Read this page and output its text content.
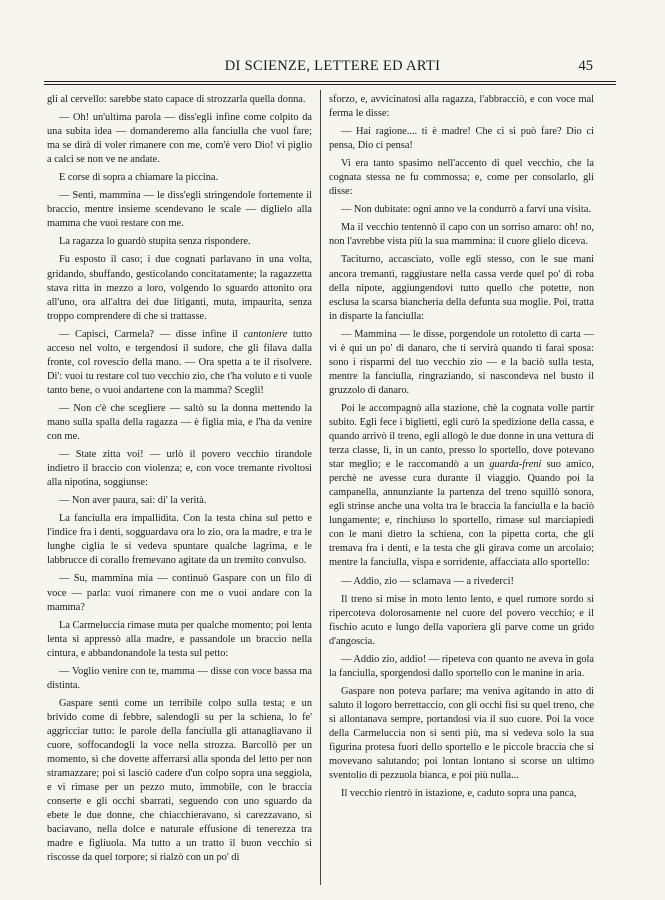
DI SCIENZE, LETTERE ED ARTI	45

gli al cervello: sarebbe stato capace di strozzarla quella donna.

— Oh! un'ultima parola — diss'egli infine come colpito da una subita idea — domanderemo alla fanciulla che vuol fare; ma se dirà di voler rimanere con me, com'è vero Dio! vi piglio a calci se non ve ne andate.

E corse di sopra a chiamare la piccina.

— Senti, mammina — le diss'egli stringendole fortemente il braccio, mentre insieme scendevano le scale — diglielo alla mamma che vuoi restare con me.

La ragazza lo guardò stupita senza rispondere.

Fu esposto il caso; i due cognati parlavano in una volta, gridando, sbuffando, gesticolando concitatamente; la ragazzetta stava ritta in mezzo a loro, volgendo lo sguardo attonito ora all'uno, ora all'altra dei due litiganti, muta, impaurita, senza troppo comprendere di che si trattasse.

— Capisci, Carmela? — disse infine il cantoniere tutto acceso nel volto, e tergendosi il sudore, che gli filava dalla fronte, col rovescio della mano. — Ora spetta a te il risolvere. Di': vuoi tu restare col tuo vecchio zio, che t'ha voluto e ti vuole tanto bene, o vuoi andartene con la mamma? Scegli!

— Non c'è che scegliere — saltò su la donna mettendo la mano sulla spalla della ragazza — è figlia mia, e l'ha da venire con me.

— State zitta voi! — urlò il povero vecchio tirandole indietro il braccio con violenza; e, con voce tremante rivoltosi alla nipotina, soggiunse:

— Non aver paura, sai: di' la verità.

La fanciulla era impallidita. Con la testa china sul petto e l'indice fra i denti, sogguardava ora lo zio, ora la madre, e tra le lunghe ciglia le si vedeva spuntare qualche lagrima, e le labbrucce di corallo fremevano agitate da un tremito convulso.

— Su, mammina mia — continuò Gaspare con un filo di voce — parla: vuoi rimanere con me o vuoi andare con la mamma?

La Carmeluccia rimase muta per qualche momento; poi lenta lenta si appressò alla madre, e passandole un braccio nella cintura, e abbandonandole la testa sul petto:

— Voglio venire con te, mamma — disse con voce bassa ma distinta.

Gaspare sentì come un terribile colpo sulla testa; e un brivido come di febbre, salendogli su per la schiena, lo fe' aggricciar tutto: le parole della fanciulla gli attanagliavano il cuore, soffocandogli la voce nella strozza. Barcollò per un momento, sì che dovette afferrarsi alla sponda del letto per non stramazzare; poi si lasciò cadere d'un colpo sopra una seggiola, e vi rimase per un pezzo muto, immobile, con le braccia conserte e gli occhi sbarrati, seguendo con uno sguardo da ebete le due donne, che chiacchieravano, si carezzavano, si baciavano, nella dolce e naturale effusione di tenerezza tra madre e figliuola. Ma tutto a un tratto il buon vecchio si riscosse da quel torpore; si rialzò con un po' di

sforzo, e, avvicinatosi alla ragazza, l'abbracciò, e con voce mal ferma le disse:

— Hai ragione.... ti è madre! Che ci si può fare? Dio ci pensa, Dio ci pensa!

Vi era tanto spasimo nell'accento di quel vecchio, che la cognata stessa ne fu commossa; e, come per consolarlo, gli disse:

— Non dubitate: ogni anno ve la condurrò a farvi una visita.

Ma il vecchio tentennò il capo con un sorriso amaro: oh! no, non l'avrebbe vista più la sua mammina: il cuore glielo diceva.

Taciturno, accasciato, volle egli stesso, con le sue mani ancora tremanti, raggiustare nella cassa verde quel po' di roba della nipote, aggiungendovi tutto quello che potette, non esclusa la scarsa biancheria della defunta sua moglie. Poi, tratta in disparte la fanciulla:

— Mammina — le disse, porgendole un rotoletto di carta — vi è qui un po' di danaro, che ti servirà quando ti farai sposa: sono i risparmi del tuo vecchio zio — e la baciò sulla testa, mentre la fanciulla, ringraziando, si nascondeva nel busto il gruzzolo di danaro.

Poi le accompagnò alla stazione, chè la cognata volle partir subito. Egli fece i biglietti, egli curò la spedizione della cassa, e quando arrivò il treno, egli allogò le due donne in una vettura di terza classe, lì, in un canto, presso lo sportello, dove potevano star meglio; e le raccomandò a un guarda-freni suo amico, perchè ne avesse cura durante il viaggio. Quando poi la campanella, annunziante la partenza del treno squillò sonora, egli strinse anche una volta tra le braccia la fanciulla e la baciò lungamente; e, rinchiuso lo sportello, rimase sul marciapiedi con le mani dietro la schiena, con la pipetta corta, che gli tremava fra i denti, e la testa che gli girava come un arcolaio; mentre la fanciulla, vispa e sorridente, affacciata allo sportello:

— Addio, zio — sclamava — a rivederci!

Il treno si mise in moto lento lento, e quel rumore sordo si ripercoteva dolorosamente nel cuore del povero vecchio; e il fischio acuto e lungo della vaporiera gli parve come un grido d'angoscia.

— Addio zio, addio! — ripeteva con quanto ne aveva in gola la fanciulla, sporgendosi dallo sportello con le manine in aria.

Gaspare non poteva parlare; ma veniva agitando in atto di saluto il logoro berrettaccio, con gli occhi fisi su quel treno, che si allontanava sempre, portandosi via il suo cuore. Poi la voce della Carmeluccia non si sentì più, ma si vedeva solo la sua figurina protesa fuori dello sportello e le piccole braccia che si movevano salutando; poi lontan lontano si scorse un ultimo sventolio di pezzuola bianca, e poi più nulla...

Il vecchio rientrò in istazione, e, caduto sopra una panca,
